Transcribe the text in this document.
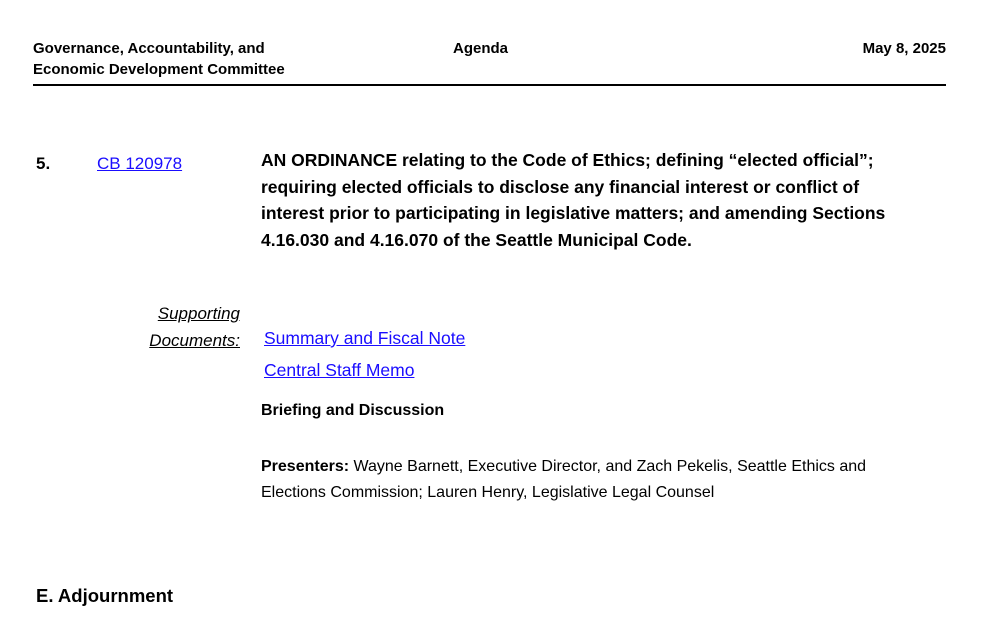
Governance, Accountability, and
Economic Development Committee
Agenda	May 8, 2025
5.	CB 120978	AN ORDINANCE relating to the Code of Ethics; defining “elected official”; requiring elected officials to disclose any financial interest or conflict of interest prior to participating in legislative matters; and amending Sections 4.16.030 and 4.16.070 of the Seattle Municipal Code.
Supporting
Documents: Summary and Fiscal Note
Central Staff Memo
Briefing and Discussion
Presenters: Wayne Barnett, Executive Director, and Zach Pekelis, Seattle Ethics and Elections Commission; Lauren Henry, Legislative Legal Counsel
E. Adjournment
